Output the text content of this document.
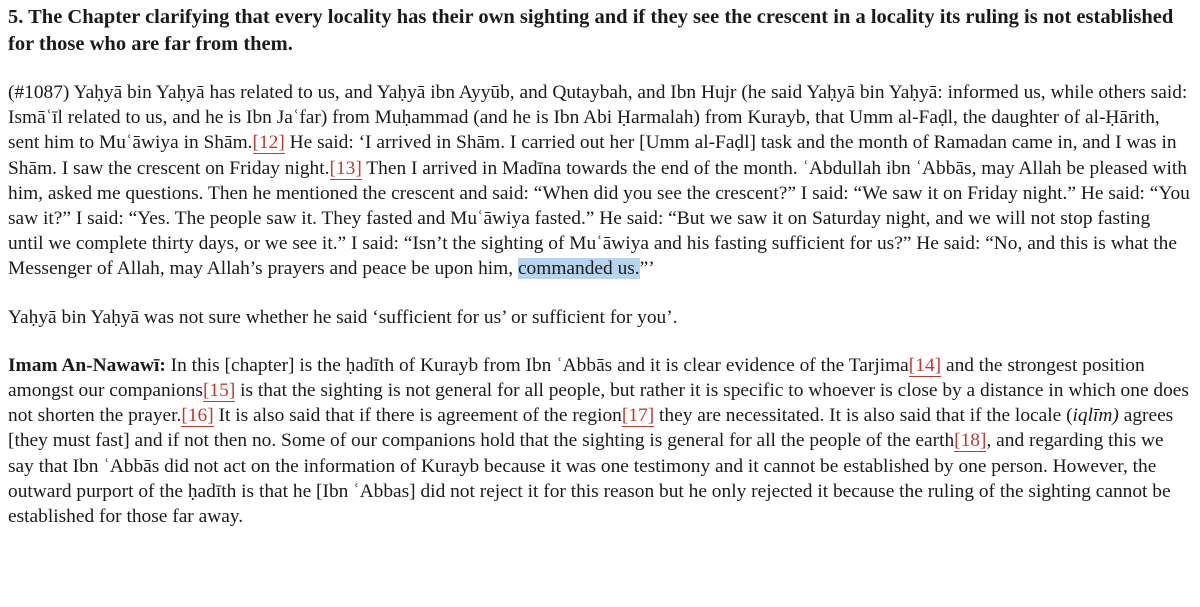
5. The Chapter clarifying that every locality has their own sighting and if they see the crescent in a locality its ruling is not established for those who are far from them.

(#1087) Yaḥyā bin Yaḥyā has related to us, and Yaḥyā ibn Ayyūb, and Qutaybah, and Ibn Hujr (he said Yaḥyā bin Yaḥyā: informed us, while others said: Ismāʿīl related to us, and he is Ibn Jaʿfar) from Muḥammad (and he is Ibn Abi Ḥarmalah) from Kurayb, that Umm al-Faḍl, the daughter of al-Ḥārith, sent him to Muʿāwiya in Shām.[12] He said: ‘I arrived in Shām. I carried out her [Umm al-Faḍl] task and the month of Ramadan came in, and I was in Shām. I saw the crescent on Friday night.[13] Then I arrived in Madīna towards the end of the month. ʿAbdullah ibn ʿAbbās, may Allah be pleased with him, asked me questions. Then he mentioned the crescent and said: “When did you see the crescent?” I said: “We saw it on Friday night.” He said: “You saw it?” I said: “Yes. The people saw it. They fasted and Muʿāwiya fasted.” He said: “But we saw it on Saturday night, and we will not stop fasting until we complete thirty days, or we see it.” I said: “Isn’t the sighting of Muʿāwiya and his fasting sufficient for us?” He said: “No, and this is what the Messenger of Allah, may Allah’s prayers and peace be upon him, commanded us.”’

Yaḥyā bin Yaḥyā was not sure whether he said ‘sufficient for us’ or sufficient for you’.

Imam An-Nawawī: In this [chapter] is the ḥadīth of Kurayb from Ibn ʿAbbās and it is clear evidence of the Tarjima[14] and the strongest position amongst our companions[15] is that the sighting is not general for all people, but rather it is specific to whoever is close by a distance in which one does not shorten the prayer.[16] It is also said that if there is agreement of the region[17] they are necessitated. It is also said that if the locale (iqlīm) agrees [they must fast] and if not then no. Some of our companions hold that the sighting is general for all the people of the earth[18], and regarding this we say that Ibn ʿAbbās did not act on the information of Kurayb because it was one testimony and it cannot be established by one person. However, the outward purport of the ḥadīth is that he [Ibn ʿAbbas] did not reject it for this reason but he only rejected it because the ruling of the sighting cannot be established for those far away.
